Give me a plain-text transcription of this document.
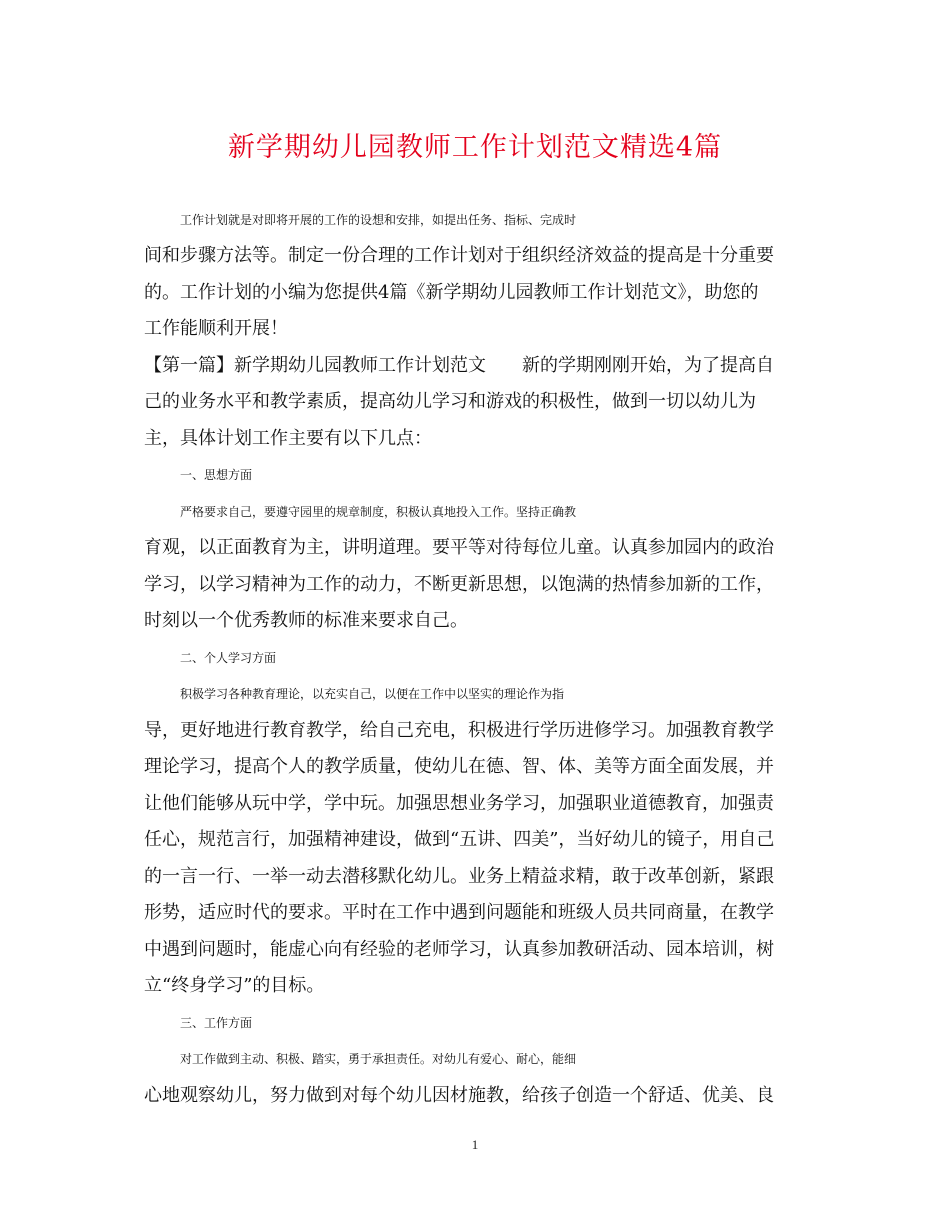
新学期幼儿园教师工作计划范文精选4篇
工作计划就是对即将开展的工作的设想和安排，如提出任务、指标、完成时
间和步骤方法等。制定一份合理的工作计划对于组织经济效益的提高是十分重要
的。工作计划的小编为您提供4篇《新学期幼儿园教师工作计划范文》，助您的
工作能顺利开展！
【第一篇】新学期幼儿园教师工作计划范文　　新的学期刚刚开始，为了提高自
己的业务水平和教学素质，提高幼儿学习和游戏的积极性，做到一切以幼儿为
主，具体计划工作主要有以下几点：
一、思想方面
严格要求自己，要遵守园里的规章制度，积极认真地投入工作。坚持正确教
育观，以正面教育为主，讲明道理。要平等对待每位儿童。认真参加园内的政治
学习，以学习精神为工作的动力，不断更新思想，以饱满的热情参加新的工作，
时刻以一个优秀教师的标准来要求自己。
二、个人学习方面
积极学习各种教育理论，以充实自己，以便在工作中以坚实的理论作为指
导，更好地进行教育教学，给自己充电，积极进行学历进修学习。加强教育教学
理论学习，提高个人的教学质量，使幼儿在德、智、体、美等方面全面发展，并
让他们能够从玩中学，学中玩。加强思想业务学习，加强职业道德教育，加强责
任心，规范言行，加强精神建设，做到“五讲、四美”，当好幼儿的镜子，用自己
的一言一行、一举一动去潜移默化幼儿。业务上精益求精，敢于改革创新，紧跟
形势，适应时代的要求。平时在工作中遇到问题能和班级人员共同商量，在教学
中遇到问题时，能虚心向有经验的老师学习，认真参加教研活动、园本培训，树
立“终身学习”的目标。
三、工作方面
对工作做到主动、积极、踏实，勇于承担责任。对幼儿有爱心、耐心，能细
心地观察幼儿，努力做到对每个幼儿因材施教，给孩子创造一个舒适、优美、良
1
